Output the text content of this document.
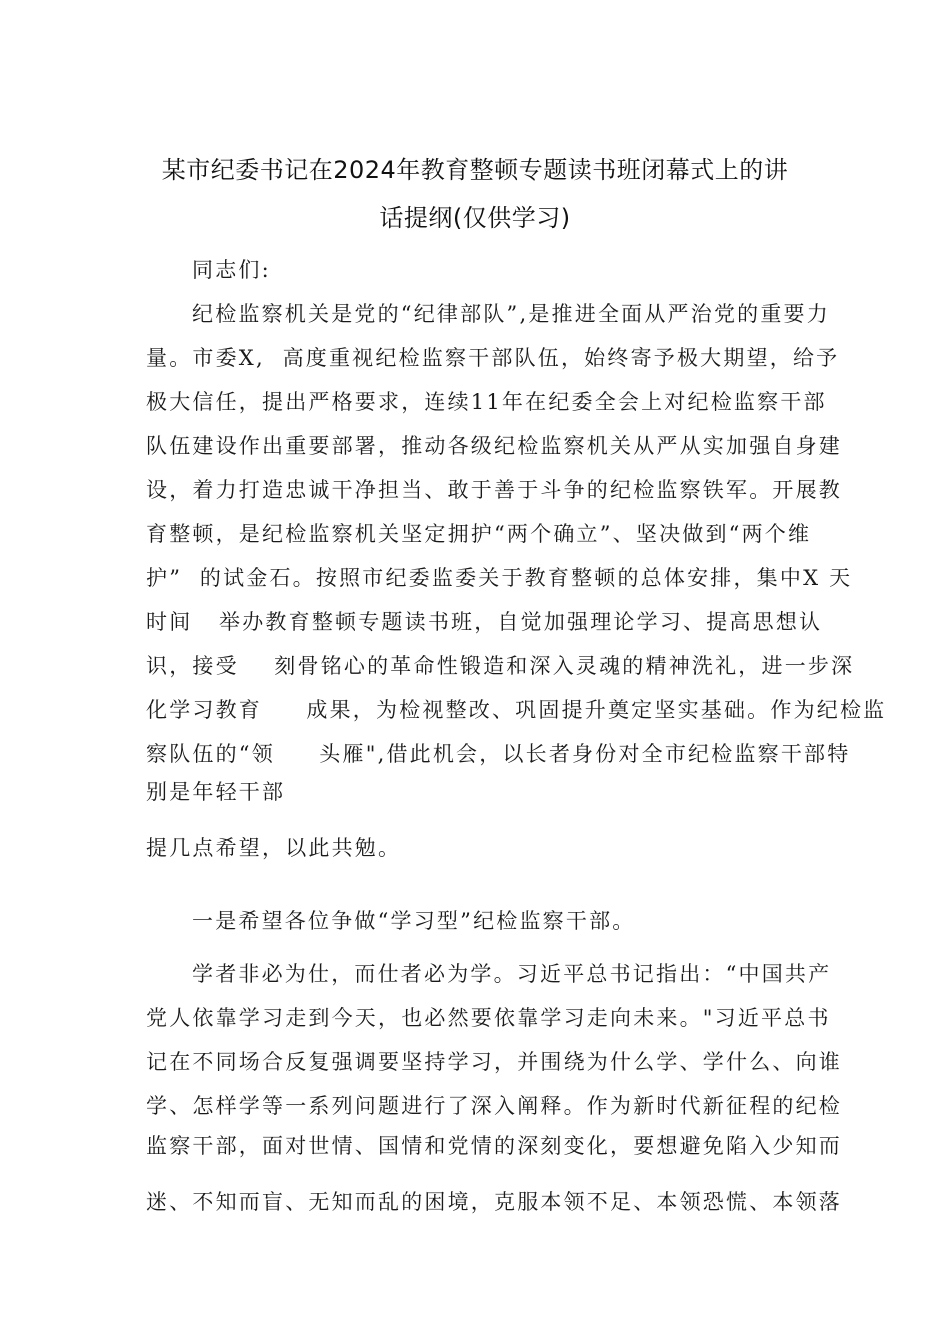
某市纪委书记在2024年教育整顿专题读书班闭幕式上的讲
话提纲(仅供学习)

同志们:

纪检监察机关是党的“纪律部队”,是推进全面从严治党的重要力

量。市委X,  高度重视纪检监察干部队伍，始终寄予极大期望，给予

极大信任，提出严格要求，连续11年在纪委全会上对纪检监察干部

队伍建设作出重要部署，推动各级纪检监察机关从严从实加强自身建

设，着力打造忠诚干净担当、敢于善于斗争的纪检监察铁军。开展教

育整顿，是纪检监察机关坚定拥护“两个确立”、坚决做到“两个维

护”  的试金石。按照市纪委监委关于教育整顿的总体安排，集中X 天

时间   举办教育整顿专题读书班，自觉加强理论学习、提高思想认

识，接受    刻骨铭心的革命性锻造和深入灵魂的精神洗礼，进一步深

化学习教育     成果，为检视整改、巩固提升奠定坚实基础。作为纪检监

察队伍的“领     头雁",借此机会，以长者身份对全市纪检监察干部特

别是年轻干部

提几点希望，以此共勉。

一是希望各位争做“学习型”纪检监察干部。

学者非必为仕，而仕者必为学。习近平总书记指出：“中国共产

党人依靠学习走到今天，也必然要依靠学习走向未来。"习近平总书

记在不同场合反复强调要坚持学习，并围绕为什么学、学什么、向谁

学、怎样学等一系列问题进行了深入阐释。作为新时代新征程的纪检

监察干部，面对世情、国情和党情的深刻变化，要想避免陷入少知而

迷、不知而盲、无知而乱的困境，克服本领不足、本领恐慌、本领落
